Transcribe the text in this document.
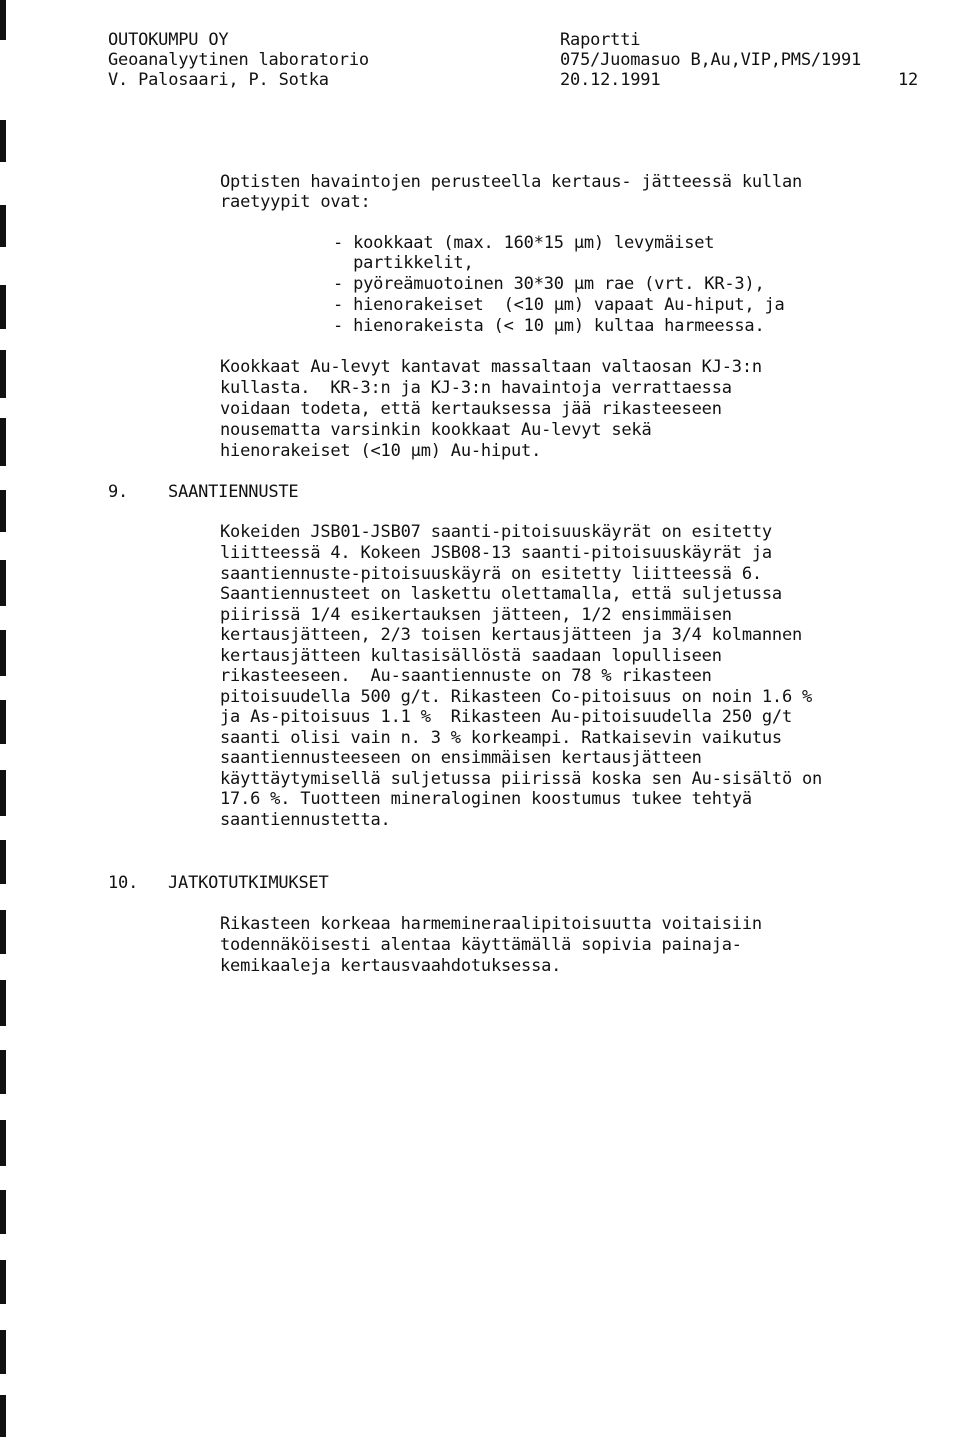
OUTOKUMPU OY
Geoanalyytinen laboratorio
V. Palosaari, P. Sotka
Raportti
075/Juomasuo B,Au,VIP,PMS/1991
20.12.1991	12
Optisten havaintojen perusteella kertaus- jätteessä kullan
raetyypit ovat:
- kookkaat (max. 160*15 µm) levymäiset
partikkelit,
- pyöreämuotoinen 30*30 µm rae (vrt. KR-3),
- hienorakeiset  (<10 µm) vapaat Au-hiput, ja
- hienorakeista (< 10 µm) kultaa harmeessa.
Kookkaat Au-levyt kantavat massaltaan valtaosan KJ-3:n
kullasta.  KR-3:n ja KJ-3:n havaintoja verrattaessa
voidaan todeta, että kertauksessa jää rikasteeseen
nousematta varsinkin kookkaat Au-levyt sekä
hienorakeiset (<10 µm) Au-hiput.
9. SAANTIENNUSTE
Kokeiden JSB01-JSB07 saanti-pitoisuuskäyrät on esitetty
liitteessä 4. Kokeen JSB08-13 saanti-pitoisuuskäyrät ja
saantiennuste-pitoisuuskäyrä on esitetty liitteessä 6.
Saantiennusteet on laskettu olettamalla, että suljetussa
piirissä 1/4 esikertauksen jätteen, 1/2 ensimmäisen
kertausjätteen, 2/3 toisen kertausjätteen ja 3/4 kolmannen
kertausjätteen kultasisällöstä saadaan lopulliseen
rikasteeseen.  Au-saantiennuste on 78 % rikasteen
pitoisuudella 500 g/t. Rikasteen Co-pitoisuus on noin 1.6 %
ja As-pitoisuus 1.1 %  Rikasteen Au-pitoisuudella 250 g/t
saanti olisi vain n. 3 % korkeampi. Ratkaisevin vaikutus
saantiennusteeseen on ensimmäisen kertausjätteen
käyttäytymisellä suljetussa piirissä koska sen Au-sisältö on
17.6 %. Tuotteen mineraloginen koostumus tukee tehtyä
saantiennustetta.
10. JATKOTUTKIMUKSET
Rikasteen korkeaa harmemineraalipitoisuutta voitaisiin
todennäköisesti alentaa käyttämällä sopivia painaja-
kemikaaleja kertausvaahdotuksessa.
